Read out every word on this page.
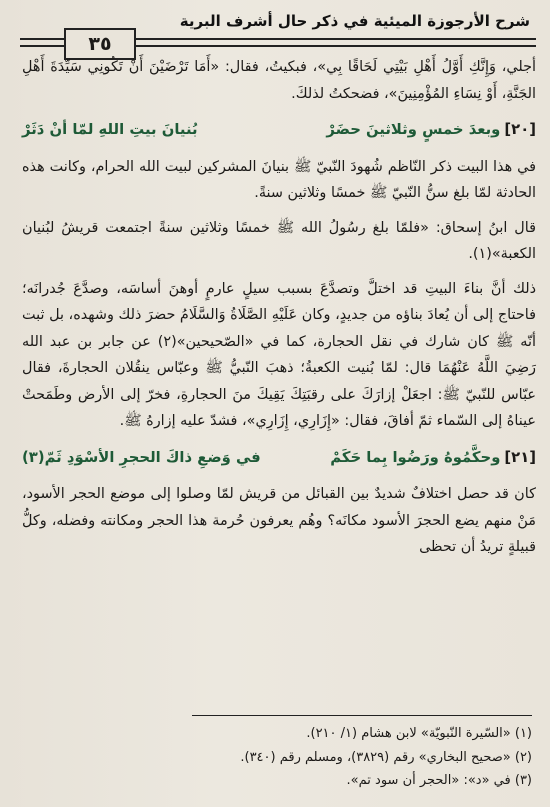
شرح الأرجوزة الميئية في ذكر حال أشرف البرية
٣٥

أجلي، وَإِنَّكِ أَوَّلُ أَهْلِ بَيْتِي لَحَاقًا بِي»، فبكيتُ، فقال: «أَمَا تَرْضَيْنَ أَنْ تَكُونِي سَيِّدَةَ أَهْلِ الجَنَّةِ، أَوْ نِسَاءِ المُؤْمِنِينَ»، فضحكتُ لذلكَ.

[٢٠]وبعدَ خمسٍ وثلاثينَ حضَرْ
بُنيانَ بيتِ اللهِ لمّا أنْ دَثَرْ

في هذا البيت ذكر النّاظم شُهودَ النّبيّ ﷺ بنيانَ المشركين لبيت الله الحرام، وكانت هذه الحادثة لمّا بلغ سنُّ النّبيّ ﷺ خمسًا وثلاثين سنةً.

قال ابنُ إسحاق: «فلمّا بلغ رسُولُ الله ﷺ خمسًا وثلاثين سنةً اجتمعت قريشُ لبُنيان الكعبة»(١).

ذلك أنَّ بناءَ البيتِ قد اختلَّ وتصدَّعَ بسبب سيلٍ عارمٍ أوهنَ أساسَه، وصدَّعَ جُدرانَه؛ فاحتاج إلى أن يُعادَ بناؤه من جديدٍ، وكان عَلَيْهِ الصَّلَاةُ وَالسَّلَامُ حضرَ ذلك وشهده، بل ثبت أنّه ﷺ كان شارك في نقل الحجارة، كما في «الصّحيحين»(٢) عن جابر بن عبد الله رَضِيَ اللَّهُ عَنْهُمَا قال: لمّا بُنيت الكعبةُ؛ ذهبَ النّبيُّ ﷺ وعبّاس ينقُلان الحجارةَ، فقال عبّاس للنّبيّ ﷺ: اجعَلْ إزارَكَ على رقبَتِكَ يَقِيكَ منَ الحجارةِ، فخرّ إلى الأرض وطَمَحتْ عيناهُ إلى السّماء ثمّ أفاقَ، فقال: «إِزَارِي، إِزَارِي»، فشدّ عليه إزارهُ ﷺ.

[٢١]وحكَّمُوهُ ورَضُوا بِما حَكَمْ
في وَضعِ ذاكَ الحجرِ الأسْوَدِ ثَمّ(٣)

كان قد حصل اختلافٌ شديدٌ بين القبائل من قريش لمّا وصلوا إلى موضع الحجر الأسود، مَنْ منهم يضع الحجرَ الأسود مكانَه؟ وهُم يعرفون حُرمة هذا الحجر ومكانته وفضله، وكلُّ قبيلةٍ تريدُ أن تحظى

(١) «السّيرة النّبويّة» لابن هشام (١/ ٢١٠).
(٢) «صحيح البخاري» رقم (٣٨٢٩)، ومسلم رقم (٣٤٠).
(٣) في «د»: «الحجر أن سود تم».
